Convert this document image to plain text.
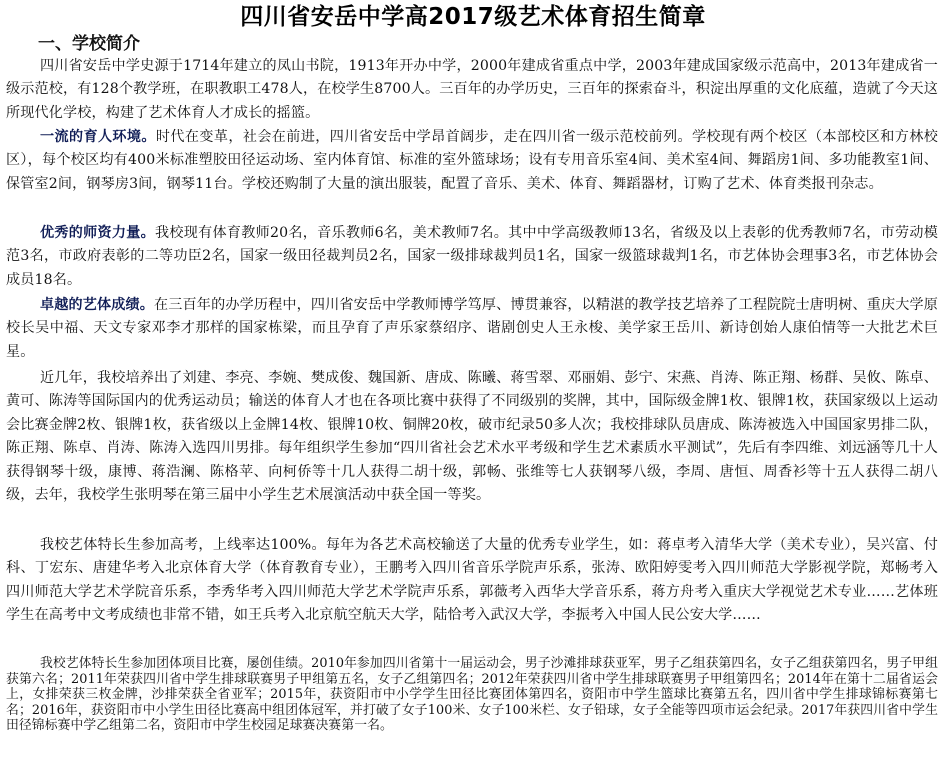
四川省安岳中学高2017级艺术体育招生简章
一、学校简介

四川省安岳中学史源于1714年建立的凤山书院，1913年开办中学，2000年建成省重点中学，2003年建成国家级示范高中，2013年建成省一级示范校，有128个教学班，在职教职工478人，在校学生8700人。三百年的办学历史，三百年的探索奋斗，积淀出厚重的文化底蕴，造就了今天这所现代化学校，构建了艺术体育人才成长的摇篮。

一流的育人环境。时代在变革，社会在前进，四川省安岳中学昂首阔步，走在四川省一级示范校前列。学校现有两个校区（本部校区和方林校区），每个校区均有400米标准塑胶田径运动场、室内体育馆、标准的室外篮球场；设有专用音乐室4间、美术室4间、舞蹈房1间、多功能教室1间、保管室2间，钢琴房3间，钢琴11台。学校还购制了大量的演出服装，配置了音乐、美术、体育、舞蹈器材，订购了艺术、体育类报刊杂志。

优秀的师资力量。我校现有体育教师20名，音乐教师6名，美术教师7名。其中中学高级教师13名，省级及以上表彰的优秀教师7名，市劳动模范3名，市政府表彰的二等功臣2名，国家一级田径裁判员2名，国家一级排球裁判员1名，国家一级篮球裁判1名，市艺体协会理事3名，市艺体协会成员18名。

卓越的艺体成绩。在三百年的办学历程中，四川省安岳中学教师博学笃厚、博贯兼容，以精湛的教学技艺培养了工程院院士唐明树、重庆大学原校长吴中福、天文专家邓李才那样的国家栋梁，而且孕育了声乐家蔡绍序、谐剧创史人王永梭、美学家王岳川、新诗创始人康伯情等一大批艺术巨星。

近几年，我校培养出了刘建、李亮、李婉、樊成俊、魏国新、唐成、陈曦、蒋雪翠、邓丽娟、彭宁、宋燕、肖涛、陈正翔、杨群、吴攸、陈卓、黄可、陈涛等国际国内的优秀运动员；输送的体育人才也在各项比赛中获得了不同级别的奖牌，其中，国际级金牌1枚、银牌1枚，获国家级以上运动会比赛金牌2枚、银牌1枚，获省级以上金牌14枚、银牌10枚、铜牌20枚，破市纪录50多人次；我校排球队员唐成、陈涛被选入中国国家男排二队，陈正翔、陈卓、肖涛、陈涛入选四川男排。每年组织学生参加“四川省社会艺术水平考级和学生艺术素质水平测试”，先后有李四维、刘远涵等几十人获得钢琴十级，康博、蒋浩澜、陈格苹、向柯侨等十几人获得二胡十级，郭畅、张维等七人获钢琴八级，李周、唐恒、周香衫等十五人获得二胡八级，去年，我校学生张明琴在第三届中小学生艺术展演活动中获全国一等奖。

我校艺体特长生参加高考，上线率达100%。每年为各艺术高校输送了大量的优秀专业学生，如：蒋卓考入清华大学（美术专业），吴兴富、付科、丁宏东、唐建华考入北京体育大学（体育教育专业），王鹏考入四川省音乐学院声乐系，张涛、欧阳婷雯考入四川师范大学影视学院，郑畅考入四川师范大学艺术学院音乐系，李秀华考入四川师范大学艺术学院声乐系，郭薇考入西华大学音乐系，蒋方舟考入重庆大学视觉艺术专业……艺体班学生在高考中文考成绩也非常不错，如王兵考入北京航空航天大学，陆恰考入武汉大学，李振考入中国人民公安大学……

我校艺体特长生参加团体项目比赛，屡创佳绩。2010年参加四川省第十一届运动会，男子沙滩排球获亚军，男子乙组获第四名，女子乙组获第四名，男子甲组获第六名；2011年荣获四川省中学生排球联赛男子甲组第五名，女子乙组第四名；2012年荣获四川省中学生排球联赛男子甲组第四名；2014年在第十二届省运会上，女排荣获三枚金牌，沙排荣获全省亚军；2015年，获资阳市中小学学生田径比赛团体第四名，资阳市中学生篮球比赛第五名，四川省中学生排球锦标赛第七名；2016年，获资阳市中小学生田径比赛高中组团体冠军，并打破了女子100米、女子100米栏、女子铅球，女子全能等四项市运会纪录。2017年获四川省中学生田径锦标赛中学乙组第二名，资阳市中学生校园足球赛决赛第一名。
